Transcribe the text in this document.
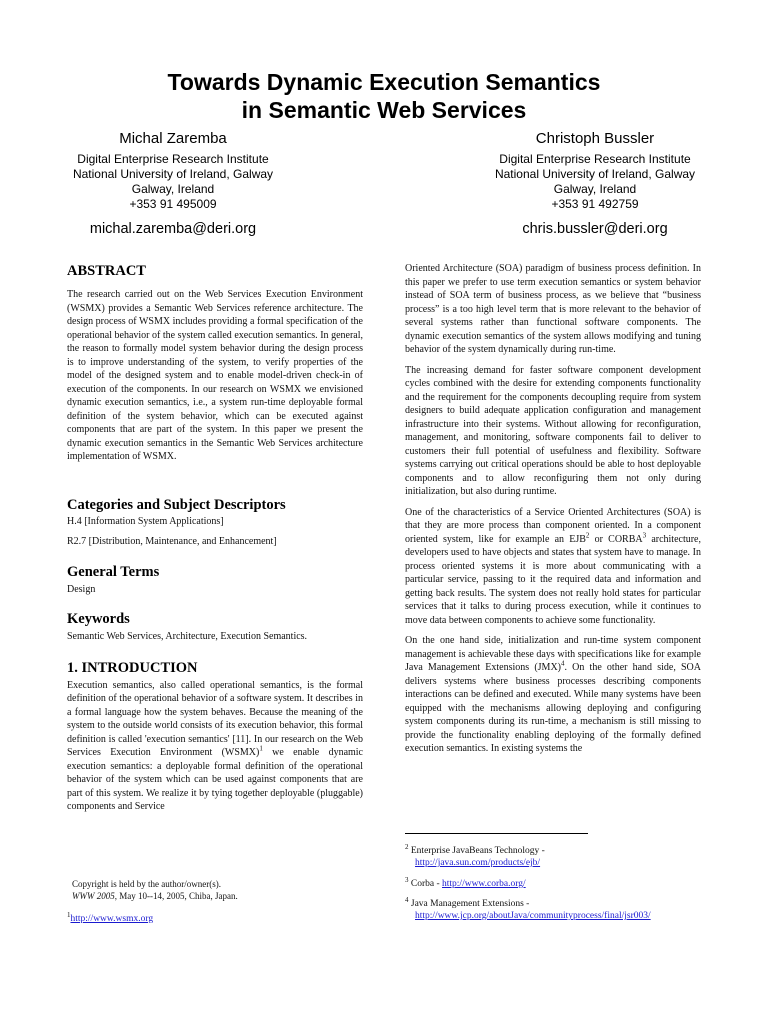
Towards Dynamic Execution Semantics
in Semantic Web Services
Michal Zaremba
Digital Enterprise Research Institute
National University of Ireland, Galway
Galway, Ireland
+353 91 495009
michal.zaremba@deri.org
Christoph Bussler
Digital Enterprise Research Institute
National University of Ireland, Galway
Galway, Ireland
+353 91 492759
chris.bussler@deri.org
ABSTRACT

The research carried out on the Web Services Execution Environment (WSMX) provides a Semantic Web Services reference architecture. The design process of WSMX includes providing a formal specification of the operational behavior of the system called execution semantics. In general, the reason to formally model system behavior during the design process is to improve understanding of the system, to verify properties of the model of the designed system and to enable model-driven check-in of execution of the components. In our research on WSMX we envisioned dynamic execution semantics, i.e., a system run-time deployable formal definition of the system behavior, which can be executed against components that are part of the system. In this paper we present the dynamic execution semantics in the Semantic Web Services architecture implementation of WSMX.

Categories and Subject Descriptors

H.4 [Information System Applications]

R2.7 [Distribution, Maintenance, and Enhancement]

General Terms

Design

Keywords

Semantic Web Services, Architecture, Execution Semantics.

1. INTRODUCTION

Execution semantics, also called operational semantics, is the formal definition of the operational behavior of a software system. It describes in a formal language how the system behaves. Because the meaning of the system to the outside world consists of its execution behavior, this formal definition is called 'execution semantics' [11]. In our research on the Web Services Execution Environment (WSMX)$^1$ we enable dynamic execution semantics: a deployable formal definition of the operational behavior of the system which can be used against components that are part of this system. We realize it by tying together deployable (pluggable) components and Service

Copyright is held by the author/owner(s).
WWW 2005, May 10--14, 2005, Chiba, Japan.
$^1$http://www.wsmx.org

Oriented Architecture (SOA) paradigm of business process definition. In this paper we prefer to use term execution semantics or system behavior instead of SOA term of business process, as we believe that “business process” is a too high level term that is more relevant to the behavior of several systems rather than functional software components. The dynamic execution semantics of the system allows modifying and tuning behavior of the system dynamically during run-time.

The increasing demand for faster software component development cycles combined with the desire for extending components functionality and the requirement for the components decoupling require from system designers to build adequate application configuration and management infrastructure into their systems. Without allowing for reconfiguration, management, and monitoring, software components fail to deliver to customers their full potential of usefulness and flexibility. Software systems carrying out critical operations should be able to host deployable components and to allow reconfiguring them not only during initialization, but also during runtime.

One of the characteristics of a Service Oriented Architectures (SOA) is that they are more process than component oriented. In a component oriented system, like for example an EJB$^2$ or CORBA$^3$ architecture, developers used to have objects and states that system have to manage. In process oriented systems it is more about communicating with a particular service, passing to it the required data and information and getting back results. The system does not really hold states for particular services that it talks to during process execution, while it continues to move data between components to achieve some functionality.

On the one hand side, initialization and run-time system component management is achievable these days with specifications like for example Java Management Extensions (JMX)$^4$. On the other hand side, SOA delivers systems where business processes describing components interactions can be defined and executed. While many systems have been equipped with the mechanisms allowing deploying and configuring system components during its run-time, a mechanism is still missing to provide the functionality enabling deploying of the formally defined execution semantics. In existing systems the

$^2$ Enterprise JavaBeans Technology -
http://java.sun.com/products/ejb/
$^3$ Corba - http://www.corba.org/
$^4$ Java Management Extensions -
http://www.jcp.org/aboutJava/communityprocess/final/jsr003/
